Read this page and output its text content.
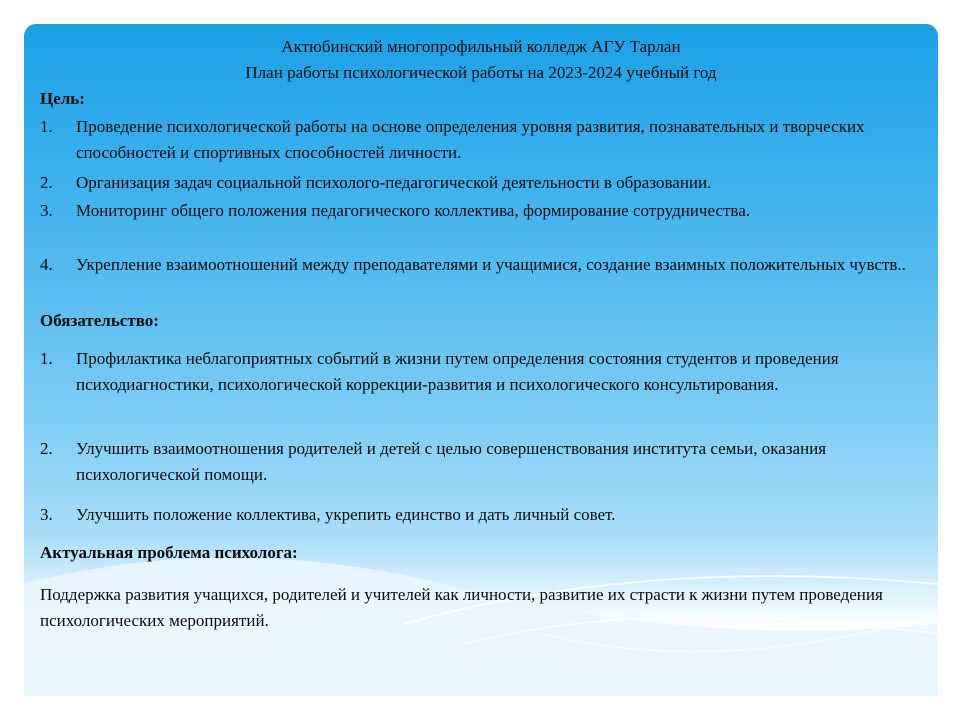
Актюбинский многопрофильный колледж АГУ Тарлан
План работы психологической работы на 2023-2024 учебный год
Цель:
1. Проведение психологической работы на основе определения уровня развития, познавательных и творческих способностей и спортивных способностей личности.
2. Организация задач социальной психолого-педагогической деятельности в образовании.
3. Мониторинг общего положения педагогического коллектива, формирование сотрудничества.
4. Укрепление взаимоотношений между преподавателями и учащимися, создание взаимных положительных чувств..
Обязательство:
1. Профилактика неблагоприятных событий в жизни путем определения состояния студентов и проведения психодиагностики, психологической коррекции-развития и психологического консультирования.
2. Улучшить взаимоотношения родителей и детей с целью совершенствования института семьи, оказания психологической помощи.
3. Улучшить положение коллектива, укрепить единство и дать личный совет.
Актуальная проблема психолога:
Поддержка развития учащихся, родителей и учителей как личности, развитие их страсти к жизни путем проведения психологических мероприятий.
